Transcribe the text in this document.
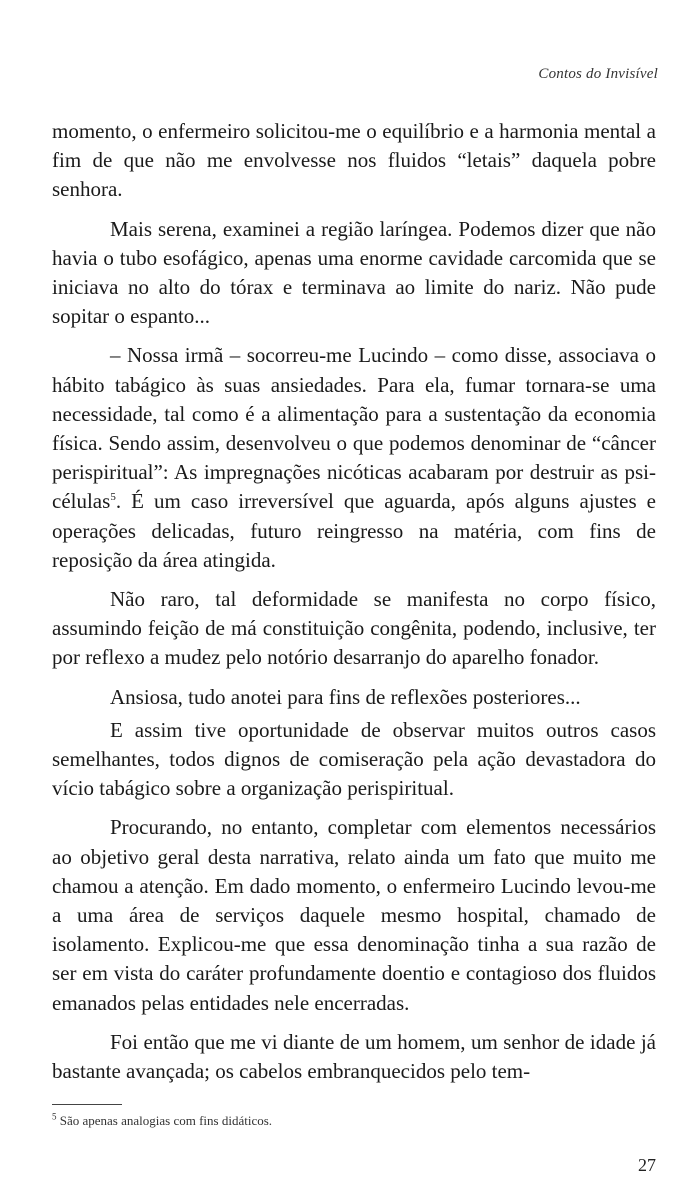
Contos do Invisível

momento, o enfermeiro solicitou-me o equilíbrio e a harmonia mental a fim de que não me envolvesse nos fluidos “letais” daquela pobre senhora.

Mais serena, examinei a região laríngea. Podemos dizer que não havia o tubo esofágico, apenas uma enorme cavidade carcomida que se iniciava no alto do tórax e terminava ao limite do nariz. Não pude sopitar o espanto...

– Nossa irmã – socorreu-me Lucindo – como disse, associava o hábito tabágico às suas ansiedades. Para ela, fumar tornara-se uma necessidade, tal como é a alimentação para a sustentação da economia física. Sendo assim, desenvolveu o que podemos denominar de “câncer perispiritual”: As impregnações nicóticas acabaram por destruir as psi-células$^5$. É um caso irreversível que aguarda, após alguns ajustes e operações delicadas, futuro reingresso na matéria, com fins de reposição da área atingida.

Não raro, tal deformidade se manifesta no corpo físico, assumindo feição de má constituição congênita, podendo, inclusive, ter por reflexo a mudez pelo notório desarranjo do aparelho fonador.

Ansiosa, tudo anotei para fins de reflexões posteriores...

E assim tive oportunidade de observar muitos outros casos semelhantes, todos dignos de comiseração pela ação devastadora do vício tabágico sobre a organização perispiritual.

Procurando, no entanto, completar com elementos necessários ao objetivo geral desta narrativa, relato ainda um fato que muito me chamou a atenção. Em dado momento, o enfermeiro Lucindo levou-me a uma área de serviços daquele mesmo hospital, chamado de isolamento. Explicou-me que essa denominação tinha a sua razão de ser em vista do caráter profundamente doentio e contagioso dos fluidos emanados pelas entidades nele encerradas.

Foi então que me vi diante de um homem, um senhor de idade já bastante avançada; os cabelos embranquecidos pelo tem-

$^5$ São apenas analogias com fins didáticos.
27
